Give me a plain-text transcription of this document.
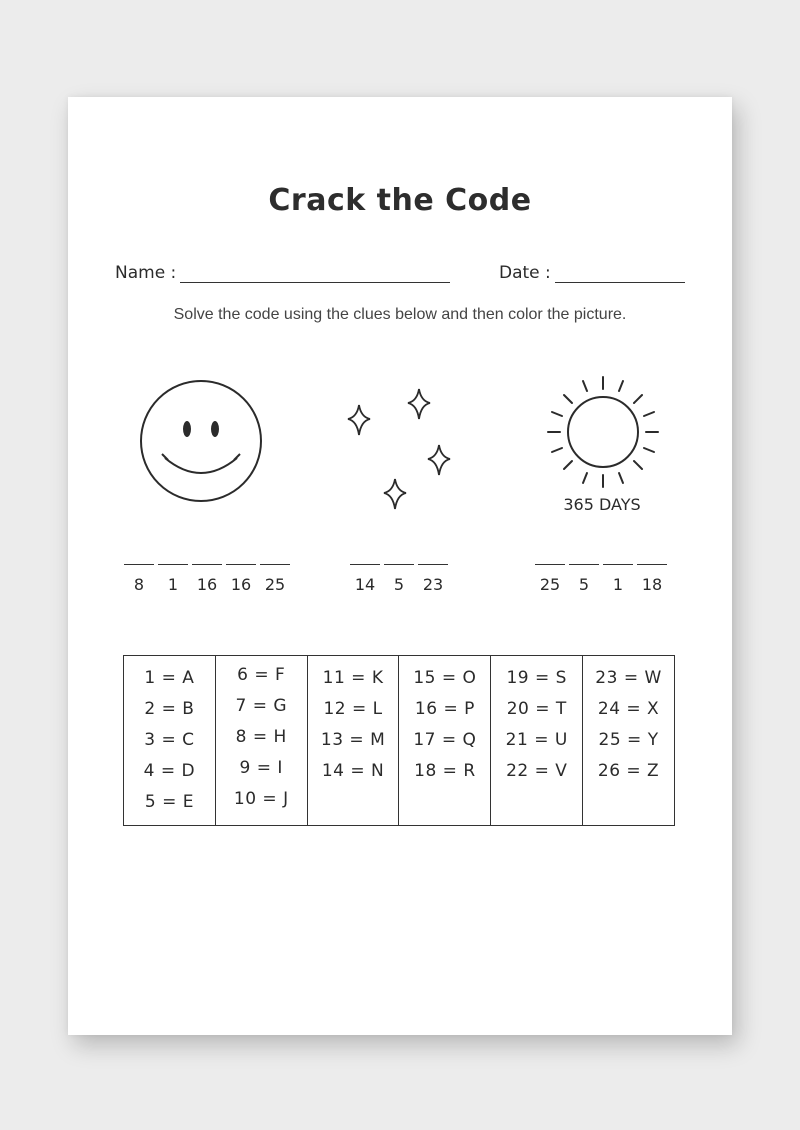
Crack the Code
Name :	Date :
Solve the code using the clues below and then color the picture.
365 DAYS
8	1	16 16 25	14	5	23	25	5	1	18
1 = A
2 = B
3 = C
4 = D
5 = E
6 = F
7 = G
8 = H
9 = I
10 = J
11 = K
12 = L
13 = M
14 = N
15 = O
16 = P
17 = Q
18 = R
19 = S
20 = T
21 = U
22 = V
23 = W
24 = X
25 = Y
26 = Z
